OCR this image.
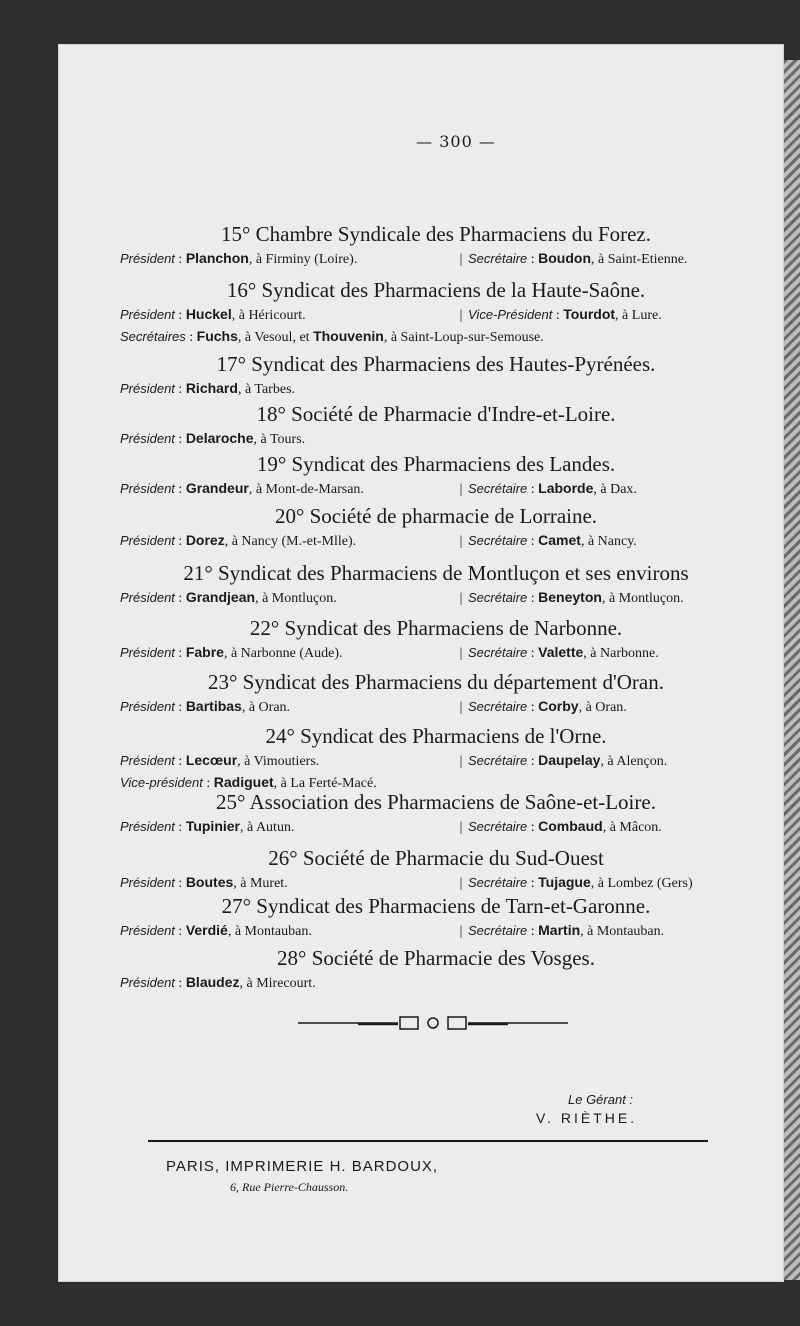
— 300 —
15° Chambre Syndicale des Pharmaciens du Forez.
Président : Planchon, à Firminy (Loire).	| Secrétaire : Boudon, à Saint-Etienne.
16° Syndicat des Pharmaciens de la Haute-Saône.
Président : Huckel, à Héricourt.	| Vice-Président : Tourdot, à Lure.
Secrétaires : Fuchs, à Vesoul, et Thouvenin, à Saint-Loup-sur-Semouse.
17° Syndicat des Pharmaciens des Hautes-Pyrénées.
Président : Richard, à Tarbes.
18° Société de Pharmacie d'Indre-et-Loire.
Président : Delaroche, à Tours.
19° Syndicat des Pharmaciens des Landes.
Président : Grandeur, à Mont-de-Marsan.	| Secrétaire : Laborde, à Dax.
20° Société de pharmacie de Lorraine.
Président : Dorez, à Nancy (M.-et-Mlle).	| Secrétaire : Camet, à Nancy.
21° Syndicat des Pharmaciens de Montluçon et ses environs
Président : Grandjean, à Montluçon.	| Secrétaire : Beneyton, à Montluçon.
22° Syndicat des Pharmaciens de Narbonne.
Président : Fabre, à Narbonne (Aude).	| Secrétaire : Valette, à Narbonne.
23° Syndicat des Pharmaciens du département d'Oran.
Président : Bartibas, à Oran.	| Secrétaire : Corby, à Oran.
24° Syndicat des Pharmaciens de l'Orne.
Président : Lecœur, à Vimoutiers.	| Secrétaire : Daupelay, à Alençon.
Vice-président : Radiguet, à La Ferté-Macé.
25° Association des Pharmaciens de Saône-et-Loire.
Président : Tupinier, à Autun.	| Secrétaire : Combaud, à Mâcon.
26° Société de Pharmacie du Sud-Ouest
Président : Boutes, à Muret.	| Secrétaire : Tujague, à Lombez (Gers)
27° Syndicat des Pharmaciens de Tarn-et-Garonne.
Président : Verdié, à Montauban.	| Secrétaire : Martin, à Montauban.
28° Société de Pharmacie des Vosges.
Président : Blaudez, à Mirecourt.
Le Gérant :
V. RIÈTHE.
PARIS, IMPRIMERIE H. BARDOUX,
6, Rue Pierre-Chausson.
